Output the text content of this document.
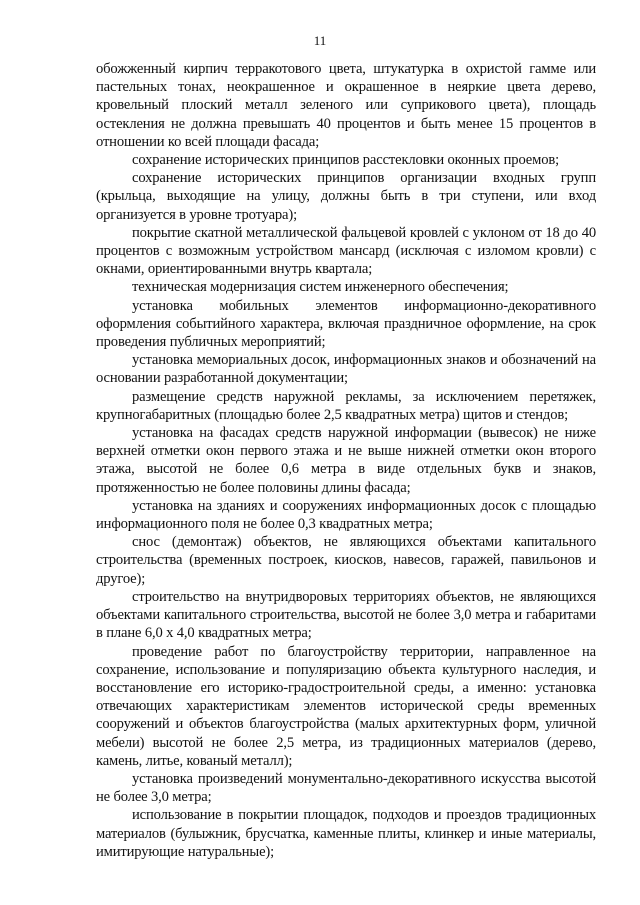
11

обожженный кирпич терракотового цвета, штукатурка в охристой гамме или пастельных тонах, неокрашенное и окрашенное в неяркие цвета дерево, кровельный плоский металл зеленого или суприкового цвета), площадь остекления не должна превышать 40 процентов и быть менее 15 процентов в отношении ко всей площади фасада;

сохранение исторических принципов расстекловки оконных проемов;

сохранение исторических принципов организации входных групп (крыльца, выходящие на улицу, должны быть в три ступени, или вход организуется в уровне тротуара);

покрытие скатной металлической фальцевой кровлей с уклоном от 18 до 40 процентов с возможным устройством мансард (исключая с изломом кровли) с окнами, ориентированными внутрь квартала;

техническая модернизация систем инженерного обеспечения;

установка мобильных элементов информационно-декоративного оформления событийного характера, включая праздничное оформление, на срок проведения публичных мероприятий;

установка мемориальных досок, информационных знаков и обозначений на основании разработанной документации;

размещение средств наружной рекламы, за исключением перетяжек, крупногабаритных (площадью более 2,5 квадратных метра) щитов и стендов;

установка на фасадах средств наружной информации (вывесок) не ниже верхней отметки окон первого этажа и не выше нижней отметки окон второго этажа, высотой не более 0,6 метра в виде отдельных букв и знаков, протяженностью не более половины длины фасада;

установка на зданиях и сооружениях информационных досок с площадью информационного поля не более 0,3 квадратных метра;

снос (демонтаж) объектов, не являющихся объектами капитального строительства (временных построек, киосков, навесов, гаражей, павильонов и другое);

строительство на внутридворовых территориях объектов, не являющихся объектами капитального строительства, высотой не более 3,0 метра и габаритами в плане 6,0 х 4,0 квадратных метра;

проведение работ по благоустройству территории, направленное на сохранение, использование и популяризацию объекта культурного наследия, и восстановление его историко-градостроительной среды, а именно: установка отвечающих характеристикам элементов исторической среды временных сооружений и объектов благоустройства (малых архитектурных форм, уличной мебели) высотой не более 2,5 метра, из традиционных материалов (дерево, камень, литье, кованый металл);

установка произведений монументально-декоративного искусства высотой не более 3,0 метра;

использование в покрытии площадок, подходов и проездов традиционных материалов (булыжник, брусчатка, каменные плиты, клинкер и иные материалы, имитирующие натуральные);
